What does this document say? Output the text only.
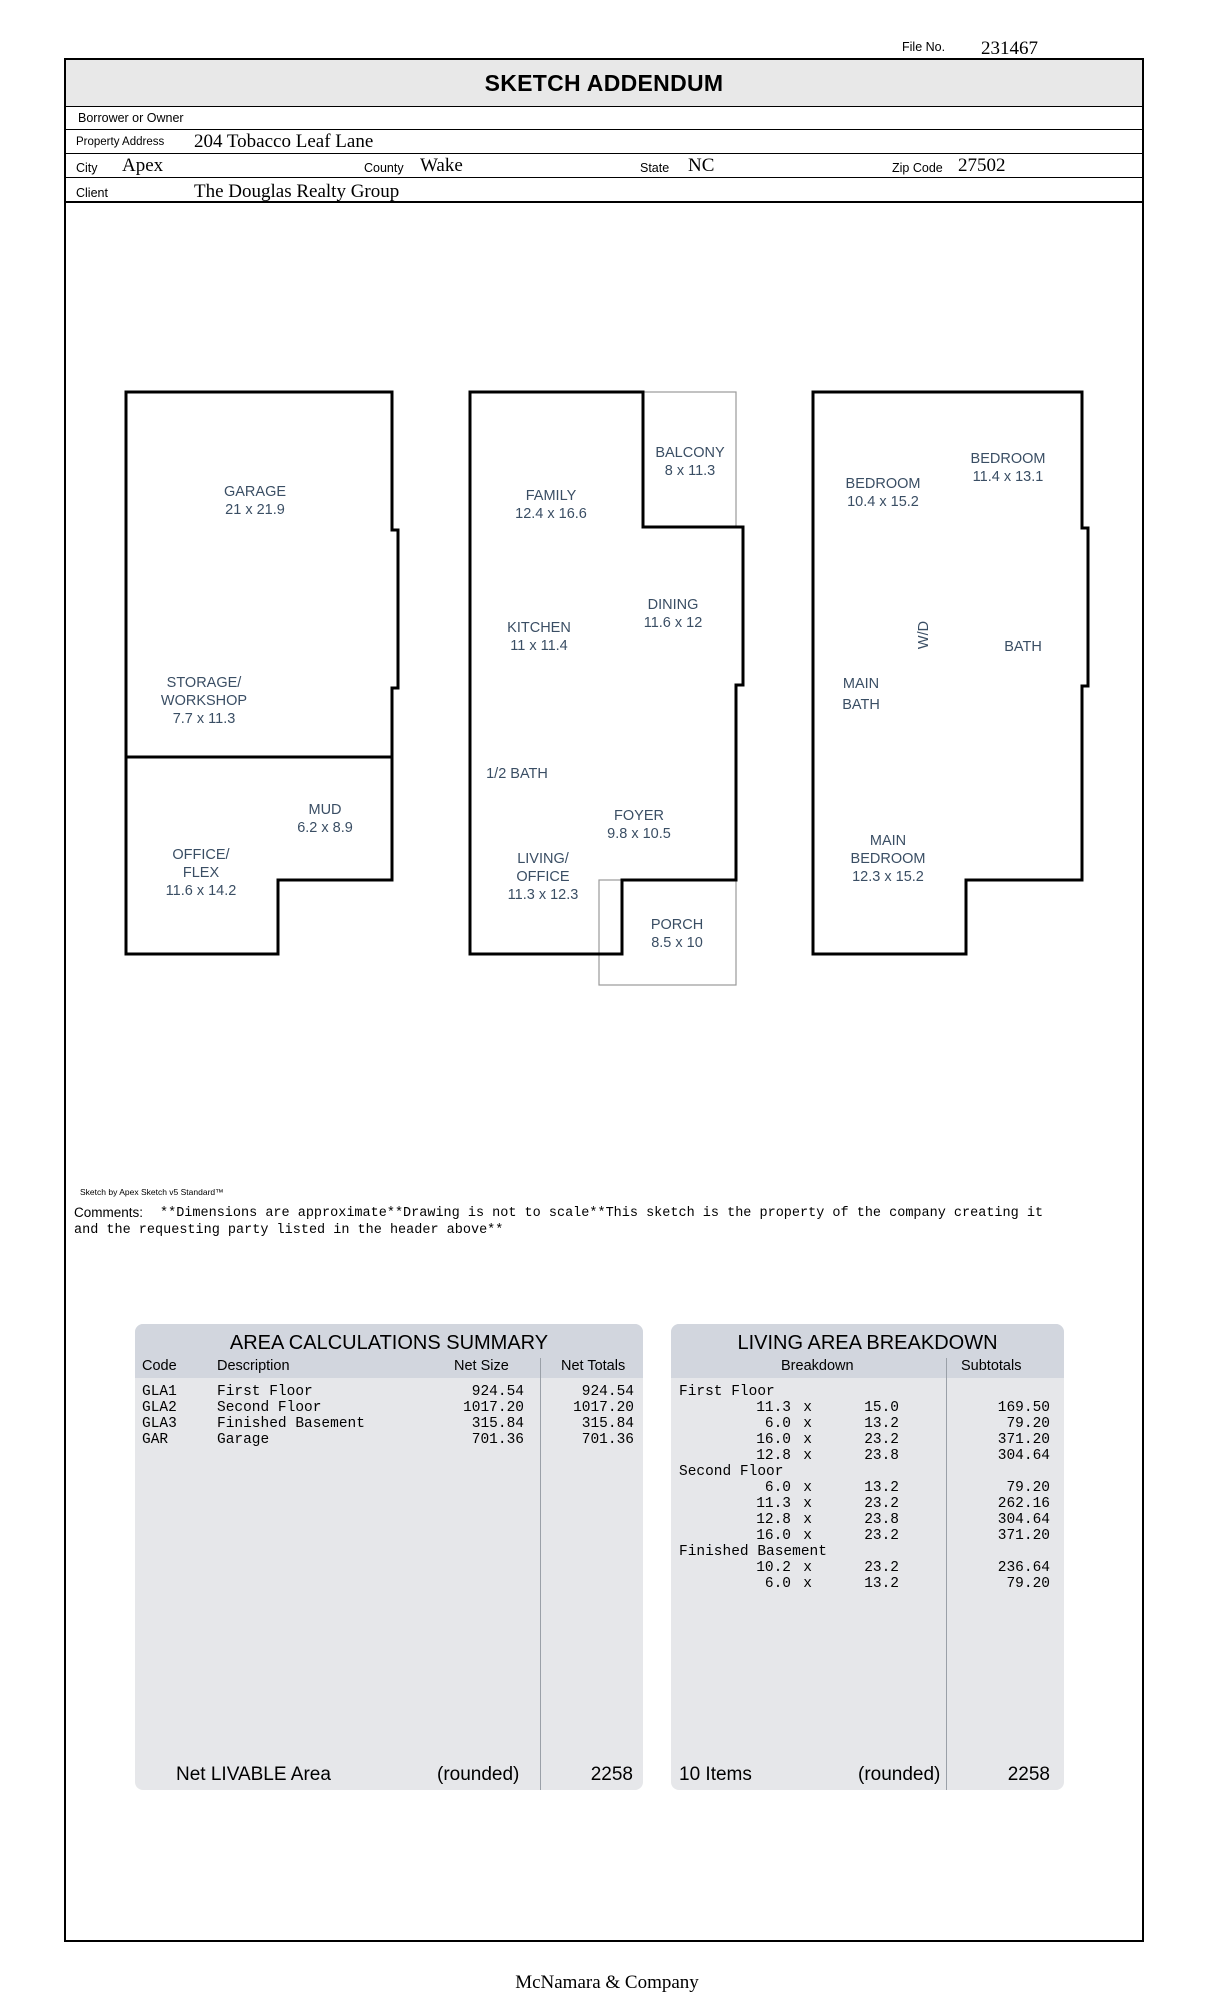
File No. 231467
SKETCH ADDENDUM
Borrower or Owner
Property Address 204 Tobacco Leaf Lane
City Apex	County Wake	State NC	Zip Code 27502
Client	The Douglas Realty Group
GARAGE
21 x 21.9
STORAGE/
WORKSHOP
7.7 x 11.3
MUD
6.2 x 8.9
OFFICE/
FLEX
11.6 x 14.2
BALCONY
8 x 11.3
FAMILY
12.4 x 16.6
DINING
11.6 x 12
KITCHEN
11 x 11.4
1/2 BATH
FOYER
9.8 x 10.5
LIVING/
OFFICE
11.3 x 12.3
PORCH
8.5 x 10
BEDROOM
10.4 x 15.2
BEDROOM
11.4 x 13.1
W/D	BATH
MAIN
BATH
MAIN
BEDROOM
12.3 x 15.2
Sketch by Apex Sketch v5 Standard™
Comments: **Dimensions are approximate**Drawing is not to scale**This sketch is the property of the company creating it
and the requesting party listed in the header above**
AREA CALCULATIONS SUMMARY
Code	Description	Net Size	Net Totals
GLA1	First Floor	924.54	924.54
GLA2	Second Floor	1017.20	1017.20
GLA3	Finished Basement	315.84	315.84
GAR	Garage	701.36	701.36
Net LIVABLE Area	(rounded)	2258
LIVING AREA BREAKDOWN
Breakdown	Subtotals
First Floor
11.3 x	15.0	169.50
6.0 x	13.2	79.20
16.0 x	23.2	371.20
12.8 x	23.8	304.64
Second Floor
6.0 x	13.2	79.20
11.3 x	23.2	262.16
12.8 x	23.8	304.64
16.0 x	23.2	371.20
Finished Basement
10.2 x	23.2	236.64
6.0 x	13.2	79.20
10 Items	(rounded)	2258
McNamara & Company
